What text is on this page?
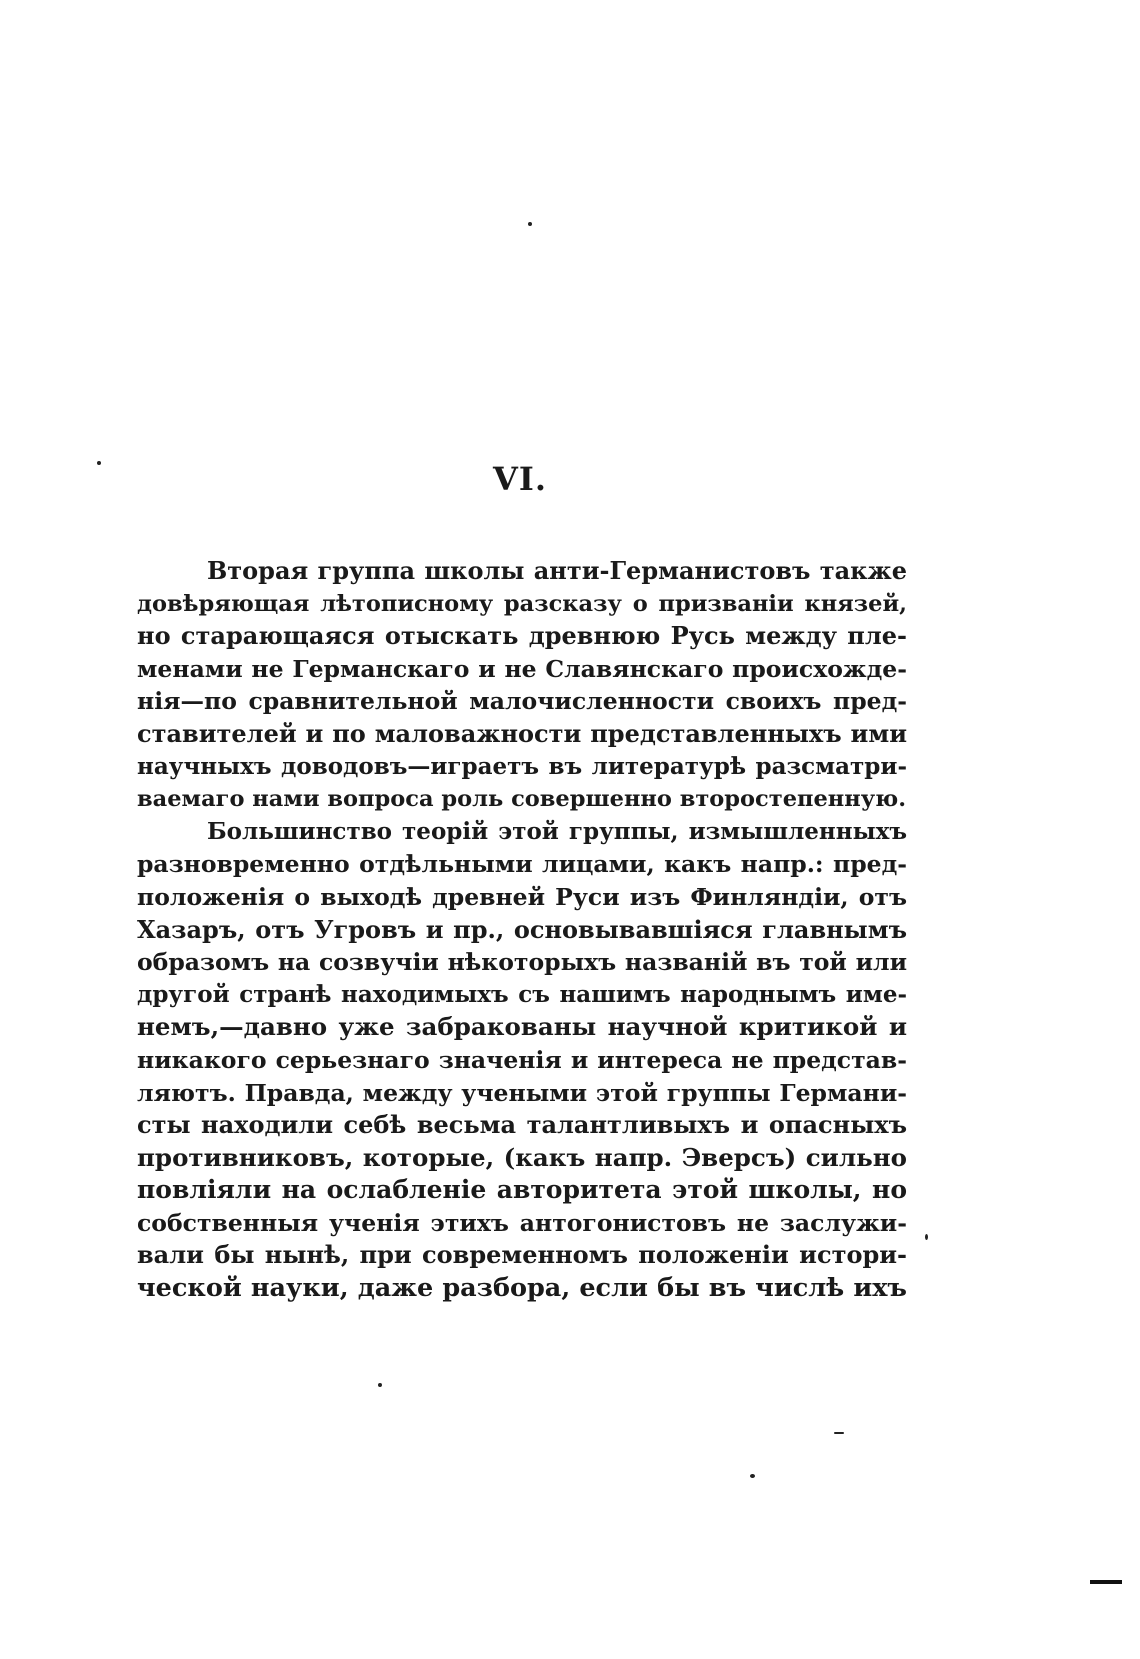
VI.
Вторая группа школы анти-Германистовъ также
довѣряющая лѣтописному разсказу о призваніи князей,
но старающаяся отыскать древнюю Русь между пле-
менами не Германскаго и не Славянскаго происхожде-
нія—по сравнительной малочисленности своихъ пред-
ставителей и по маловажности представленныхъ ими
научныхъ доводовъ—играетъ въ литературѣ разсматри-
ваемаго нами вопроса роль совершенно второстепенную.
Большинство теорій этой группы, измышленныхъ
разновременно отдѣльными лицами, какъ напр.: пред-
положенія о выходѣ древней Руси изъ Финляндіи, отъ
Хазаръ, отъ Угровъ и пр., основывавшіяся главнымъ
образомъ на созвучіи нѣкоторыхъ названій въ той или
другой странѣ находимыхъ съ нашимъ народнымъ име-
немъ,—давно уже забракованы научной критикой и
никакого серьезнаго значенія и интереса не представ-
ляютъ. Правда, между учеными этой группы Германи-
сты находили себѣ весьма талантливыхъ и опасныхъ
противниковъ, которые, (какъ напр. Эверсъ) сильно
повліяли на ослабленіе авторитета этой школы, но
собственныя ученія этихъ антогонистовъ не заслужи-
вали бы нынѣ, при современномъ положеніи истори-
ческой науки, даже разбора, если бы въ числѣ ихъ
